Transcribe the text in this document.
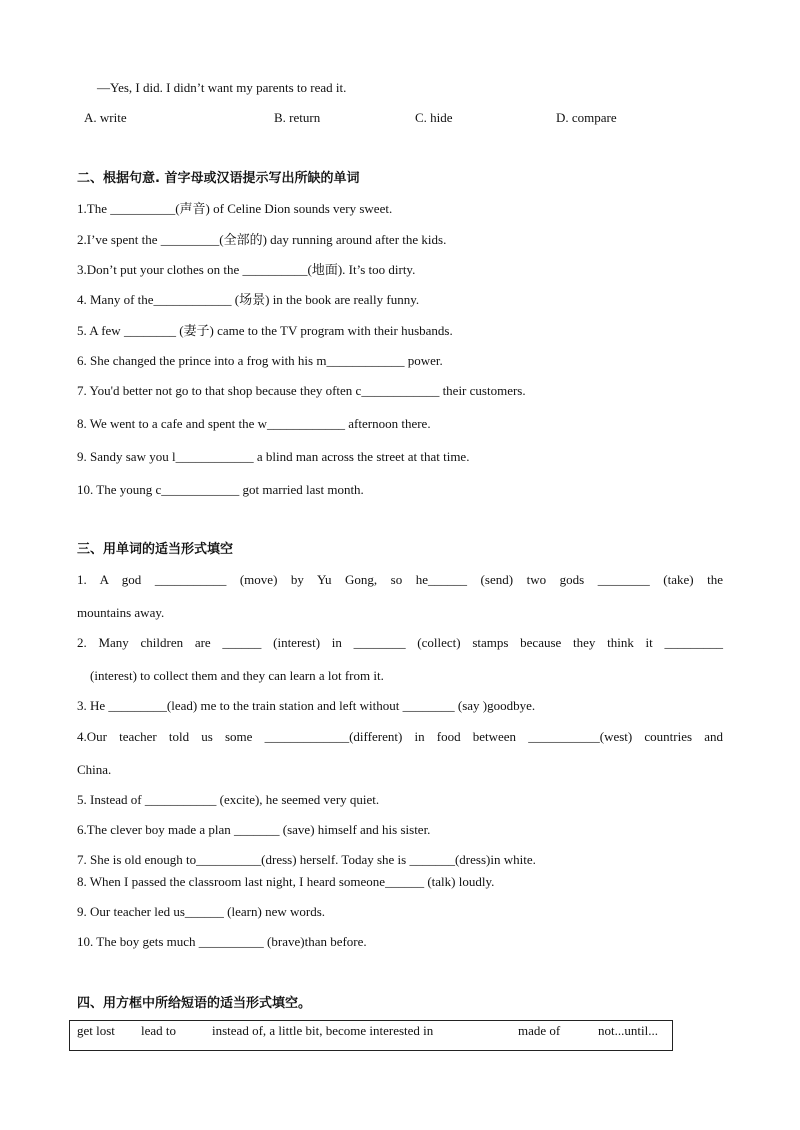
—Yes, I did. I didn’t want my parents to read it.
A. write	B. return	C. hide	D. compare
二、根据句意. 首字母或汉语提示写出所缺的单词
1.The __________(声音) of Celine Dion sounds very sweet.
2.I’ve spent the _________(全部的) day running around after the kids.
3.Don’t put your clothes on the __________(地面). It’s too dirty.
4. Many of the____________ (场景) in the book are really funny.
5. A few ________ (妻子) came to the TV program with their husbands.
6. She changed the prince into a frog with his m____________ power.
7. You'd better not go to that shop because they often c____________ their customers.
8. We went to a cafe and spent the w____________ afternoon there.
9. Sandy saw you l____________ a blind man across the street at that time.
10. The young c____________ got married last month.
三、用单词的适当形式填空
1. A god ___________ (move) by Yu Gong, so he______ (send) two gods ________ (take) the
mountains away.
2. Many children are ______ (interest) in ________ (collect) stamps because they think it _________
(interest) to collect them and they can learn a lot from it.
3. He _________(lead) me to the train station and left without ________ (say )goodbye.
4.Our teacher told us some _____________(different) in food between ___________(west) countries and
China.
5. Instead of ___________ (excite), he seemed very quiet.
6.The clever boy made a plan _______ (save) himself and his sister.
7. She is old enough to__________(dress) herself. Today she is _______(dress)in white.
8. When I passed the classroom last night, I heard someone______ (talk) loudly.
9. Our teacher led us______ (learn) new words.
10. The boy gets much __________ (brave)than before.
四、用方框中所给短语的适当形式填空。
get lost lead to	instead of, a little bit, become interested in	made of	not...until...
